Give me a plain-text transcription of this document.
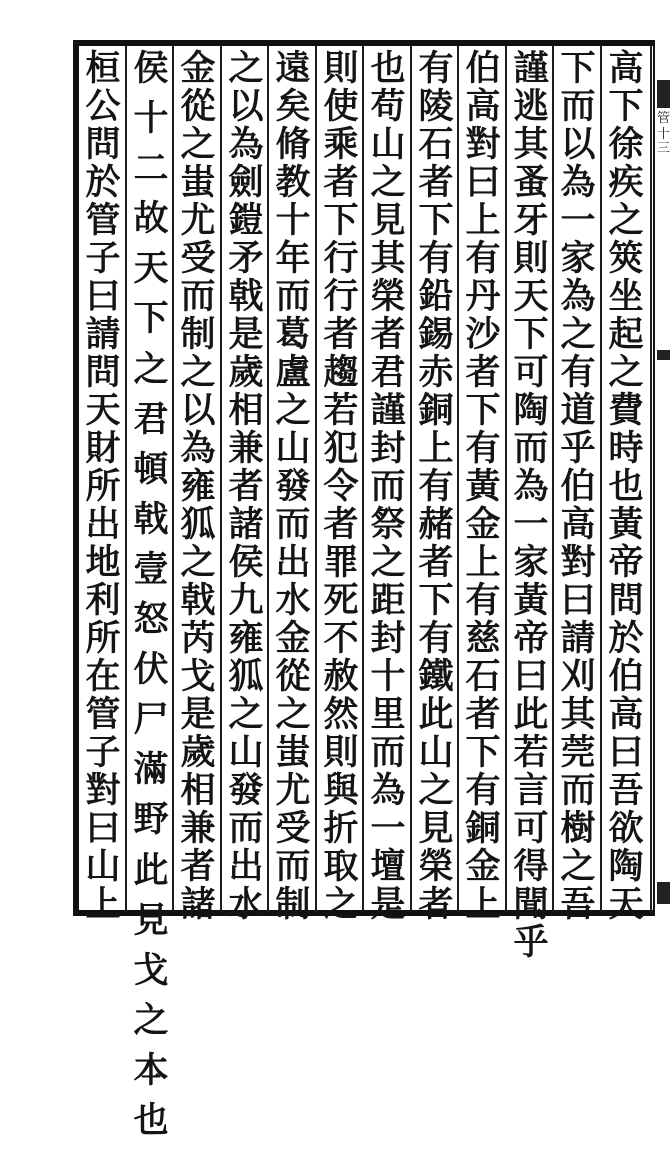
管
十三
高
下
徐
疾
之
筴
坐
起
之
費
時
也
黃
帝
問
於
伯
高
曰
吾
欲
陶
天
下
而
以
為
一
家
為
之
有
道
乎
伯
高
對
曰
請
刈
其
莞
而
樹
之
吾
謹
逃
其
蚤
牙
則
天
下
可
陶
而
為
一
家
黃
帝
曰
此
若
言
可
得
聞
乎
伯
高
對
曰
上
有
丹
沙
者
下
有
黃
金
上
有
慈
石
者
下
有
銅
金
上
有
陵
石
者
下
有
鉛
錫
赤
銅
上
有
赭
者
下
有
鐵
此
山
之
見
榮
者
也
苟
山
之
見
其
榮
者
君
謹
封
而
祭
之
距
封
十
里
而
為
一
壇
是
則
使
乘
者
下
行
行
者
趨
若
犯
令
者
罪
死
不
赦
然
則
與
折
取
之
遠
矣
脩
教
十
年
而
葛
盧
之
山
發
而
出
水
金
從
之
蚩
尤
受
而
制
之
以
為
劍
鎧
矛
戟
是
歲
相
兼
者
諸
侯
九
雍
狐
之
山
發
而
出
水
金
從
之
蚩
尤
受
而
制
之
以
為
雍
狐
之
戟
芮
戈
是
歲
相
兼
者
諸
侯
十
二
故
天
下
之
君
頓
戟
壹
怒
伏
尸
滿
野
此
見
戈
之
本
也
桓
公
問
於
管
子
曰
請
問
天
財
所
出
地
利
所
在
管
子
對
曰
山
上
